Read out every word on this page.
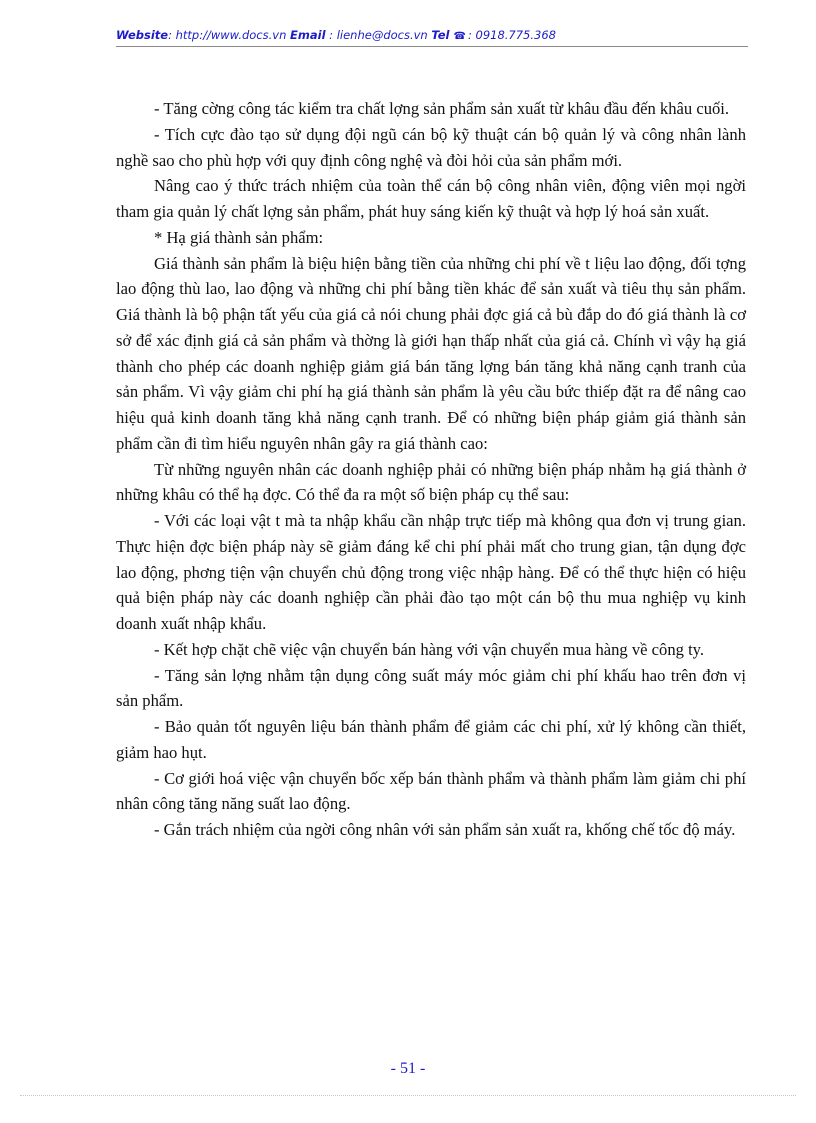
Website: http://www.docs.vn Email : lienhe@docs.vn Tel ☎ : 0918.775.368

- Tăng cờng công tác kiểm tra chất lợng sản phẩm sản xuất từ khâu đầu đến khâu cuối.

- Tích cực đào tạo sử dụng đội ngũ cán bộ kỹ thuật cán bộ quản lý và công nhân lành nghề sao cho phù hợp với quy định công nghệ và đòi hỏi của sản phẩm mới.

Nâng cao ý thức trách nhiệm của toàn thể cán bộ công nhân viên, động viên mọi ngời tham gia quản lý chất lợng sản phẩm, phát huy sáng kiến kỹ thuật và hợp lý hoá sản xuất.

* Hạ giá thành sản phẩm:

Giá thành sản phẩm là biệu hiện bằng tiền của những chi phí về t liệu lao động, đối tợng lao động thù lao, lao động và những chi phí bằng tiền khác để sản xuất và tiêu thụ sản phẩm. Giá thành là bộ phận tất yếu của giá cả nói chung phải đợc giá cả bù đắp do đó giá thành là cơ sở để xác định giá cả sản phẩm và thờng là giới hạn thấp nhất của giá cả. Chính vì vậy hạ giá thành cho phép các doanh nghiệp giảm giá bán tăng lợng bán tăng khả năng cạnh tranh của sản phẩm. Vì vậy giảm chi phí hạ giá thành sản phẩm là yêu cầu bức thiếp đặt ra để nâng cao hiệu quả kinh doanh tăng khả năng cạnh tranh. Để có những biện pháp giảm giá thành sản phẩm cần đi tìm hiểu nguyên nhân gây ra giá thành cao:

Từ những nguyên nhân các doanh nghiệp phải có những biện pháp nhằm hạ giá thành ở những khâu có thể hạ đợc. Có thể đa ra một số biện pháp cụ thể sau:

- Với các loại vật t mà ta nhập khẩu cần nhập trực tiếp mà không qua đơn vị trung gian. Thực hiện đợc biện pháp này sẽ giảm đáng kể chi phí phải mất cho trung gian, tận dụng đợc lao động, phơng tiện vận chuyển chủ động trong việc nhập hàng. Để có thể thực hiện có hiệu quả biện pháp này các doanh nghiệp cần phải đào tạo một cán bộ thu mua nghiệp vụ kinh doanh xuất nhập khẩu.

- Kết hợp chặt chẽ việc vận chuyển bán hàng với vận chuyển mua hàng về công ty.

- Tăng sản lợng nhằm tận dụng công suất máy móc giảm chi phí khấu hao trên đơn vị sản phẩm.

- Bảo quản tốt nguyên liệu bán thành phẩm để giảm các chi phí, xử lý không cần thiết, giảm hao hụt.

- Cơ giới hoá việc vận chuyển bốc xếp bán thành phẩm và thành phẩm làm giảm chi phí nhân công tăng năng suất lao động.

- Gắn trách nhiệm của ngời công nhân với sản phẩm sản xuất ra, khống chế tốc độ máy.

- 51 -
